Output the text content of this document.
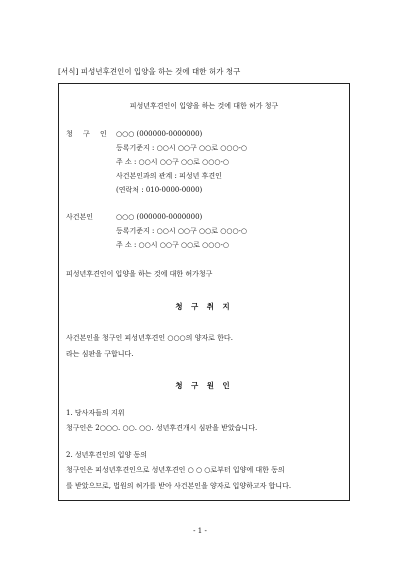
[서식] 피성년후견인이 입양을 하는 것에 대한 허가 청구
피성년후견인이 입양을 하는 것에 대한 허가 청구
청 구 인 ○○○ (000000-0000000)
등록기준지 : ○○시 ○○구 ○○로 ○○○-○
주 소 : ○○시 ○○구 ○○로 ○○○-○
사건본인과의 관계 : 피성년 후견인
(연락처 : 010-0000-0000)
사건본인	○○○ (000000-0000000)
등록기준지 : ○○시 ○○구 ○○로 ○○○-○
주 소 : ○○시 ○○구 ○○로 ○○○-○
피성년후견인이 입양을 하는 것에 대한 허가청구
청 구 취 지
사건본인을 청구인 피성년후견인 ○○○의 양자로 한다.
라는 심판을 구합니다.
청 구 원 인
1. 당사자들의 지위
청구인은 2○○○. ○○. ○○. 성년후견개시 심판을 받았습니다.
2. 성년후견인의 입양 동의
청구인은 피성년후견인으로 성년후견인 ○ ○ ○로부터 입양에 대한 동의
를 받았으므로, 법원의 허가를 받아 사건본인을 양자로 입양하고자 합니다.
- 1 -
